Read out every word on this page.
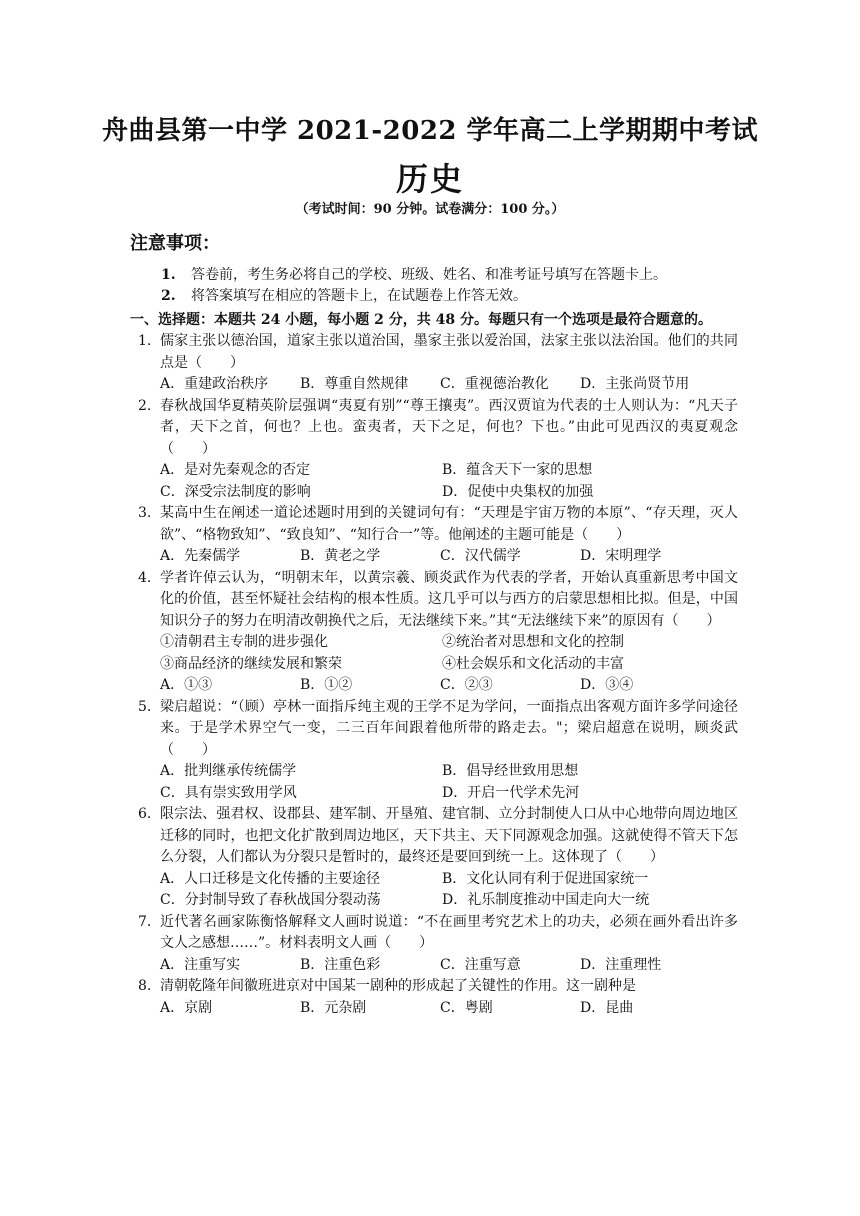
舟曲县第一中学 2021-2022 学年高二上学期期中考试
历史
（考试时间：90 分钟。试卷满分：100 分。）
注意事项：
1. 答卷前，考生务必将自己的学校、班级、姓名、和准考证号填写在答题卡上。
2. 将答案填写在相应的答题卡上，在试题卷上作答无效。
一、选择题：本题共 24 小题，每小题 2 分，共 48 分。每题只有一个选项是最符合题意的。
1. 儒家主张以德治国，道家主张以道治国，墨家主张以爱治国，法家主张以法治国。他们的共同点是（　　）
A．重建政治秩序	B．尊重自然规律	C．重视德治教化	D．主张尚贤节用
2. 春秋战国华夏精英阶层强调“夷夏有别”“尊王攘夷”。西汉贾谊为代表的士人则认为：“凡天子者，天下之首，何也？上也。蛮夷者，天下之足，何也？下也。”由此可见西汉的夷夏观念（　　）
A．是对先秦观念的否定	B．蕴含天下一家的思想
C．深受宗法制度的影响	D．促使中央集权的加强
3. 某高中生在阐述一道论述题时用到的关键词句有：“天理是宇宙万物的本原”、“存天理，灭人欲”、“格物致知”、“致良知”、“知行合一”等。他阐述的主题可能是（　　）
A．先秦儒学	B．黄老之学	C．汉代儒学	D．宋明理学
4. 学者许倬云认为，“明朝末年，以黄宗羲、顾炎武作为代表的学者，开始认真重新思考中国文化的价值，甚至怀疑社会结构的根本性质。这几乎可以与西方的启蒙思想相比拟。但是，中国知识分子的努力在明清改朝换代之后，无法继续下来。”其“无法继续下来”的原因有（　　）
①清朝君主专制的进步强化	②统治者对思想和文化的控制
③商品经济的继续发展和繁荣	④杜会娱乐和文化活动的丰富
A．①③	B．①②	C．②③	D．③④
5. 梁启超说：“（顾）亭林一面指斥纯主观的王学不足为学问，一面指点出客观方面许多学问途径来。于是学术界空气一变，二三百年间跟着他所带的路走去。"；梁启超意在说明，顾炎武（　　）
A．批判继承传统儒学	B．倡导经世致用思想
C．具有崇实致用学风	D．开启一代学术先河
6. 限宗法、强君权、设郡县、建军制、开垦殖、建官制、立分封制使人口从中心地带向周边地区迁移的同时，也把文化扩散到周边地区，天下共主、天下同源观念加强。这就使得不管天下怎么分裂，人们都认为分裂只是暂时的，最终还是要回到统一上。这体现了（　　）
A．人口迁移是文化传播的主要途径	B．文化认同有利于促进国家统一
C．分封制导致了春秋战国分裂动荡	D．礼乐制度推动中国走向大一统
7. 近代著名画家陈衡恪解释文人画时说道：“不在画里考究艺术上的功夫，必须在画外看出许多文人之感想……”。材料表明文人画（　　）
A．注重写实	B．注重色彩	C．注重写意	D．注重理性
8. 清朝乾隆年间徽班进京对中国某一剧种的形成起了关键性的作用。这一剧种是
A．京剧	B．元杂剧	C．粤剧	D．昆曲
